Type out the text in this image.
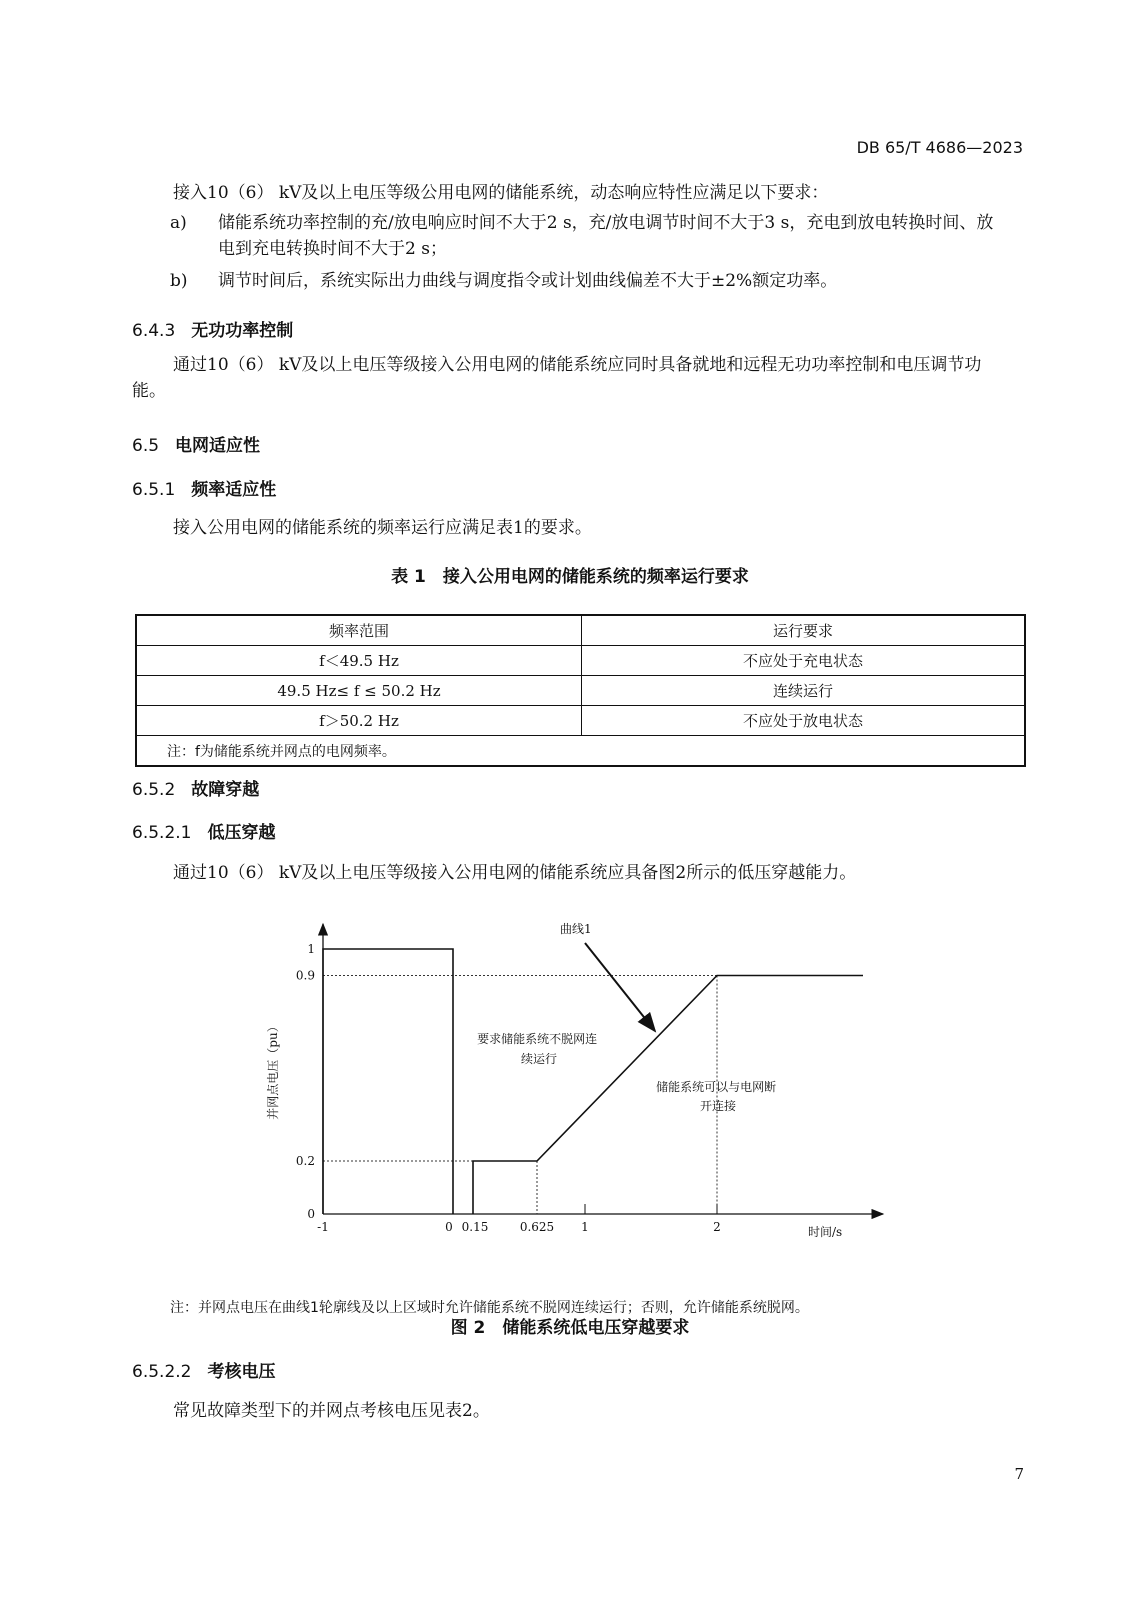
DB 65/T 4686—2023
接入10（6） kV及以上电压等级公用电网的储能系统，动态响应特性应满足以下要求：
a) 储能系统功率控制的充/放电响应时间不大于2 s，充/放电调节时间不大于3 s，充电到放电转换时间、放电到充电转换时间不大于2 s；
b) 调节时间后，系统实际出力曲线与调度指令或计划曲线偏差不大于±2%额定功率。
6.4.3 无功功率控制
通过10（6） kV及以上电压等级接入公用电网的储能系统应同时具备就地和远程无功功率控制和电压调节功能。
6.5 电网适应性
6.5.1 频率适应性
接入公用电网的储能系统的频率运行应满足表1的要求。
表 1　接入公用电网的储能系统的频率运行要求
频率范围	运行要求
f＜49.5 Hz	不应处于充电状态
49.5 Hz≤ f ≤ 50.2 Hz	连续运行
f＞50.2 Hz	不应处于放电状态
注：f为储能系统并网点的电网频率。	
6.5.2 故障穿越
6.5.2.1 低压穿越
通过10（6） kV及以上电压等级接入公用电网的储能系统应具备图2所示的低压穿越能力。
0
0.2
0.9
1
-1	0 0.15	0.625 1	2	时间/s
并网点电压（pu）
曲线1
要求储能系统不脱网连 续运行
储能系统可以与电网断 开连接
注：并网点电压在曲线1轮廓线及以上区域时允许储能系统不脱网连续运行；否则，允许储能系统脱网。
图 2　储能系统低电压穿越要求
6.5.2.2 考核电压
常见故障类型下的并网点考核电压见表2。
7
